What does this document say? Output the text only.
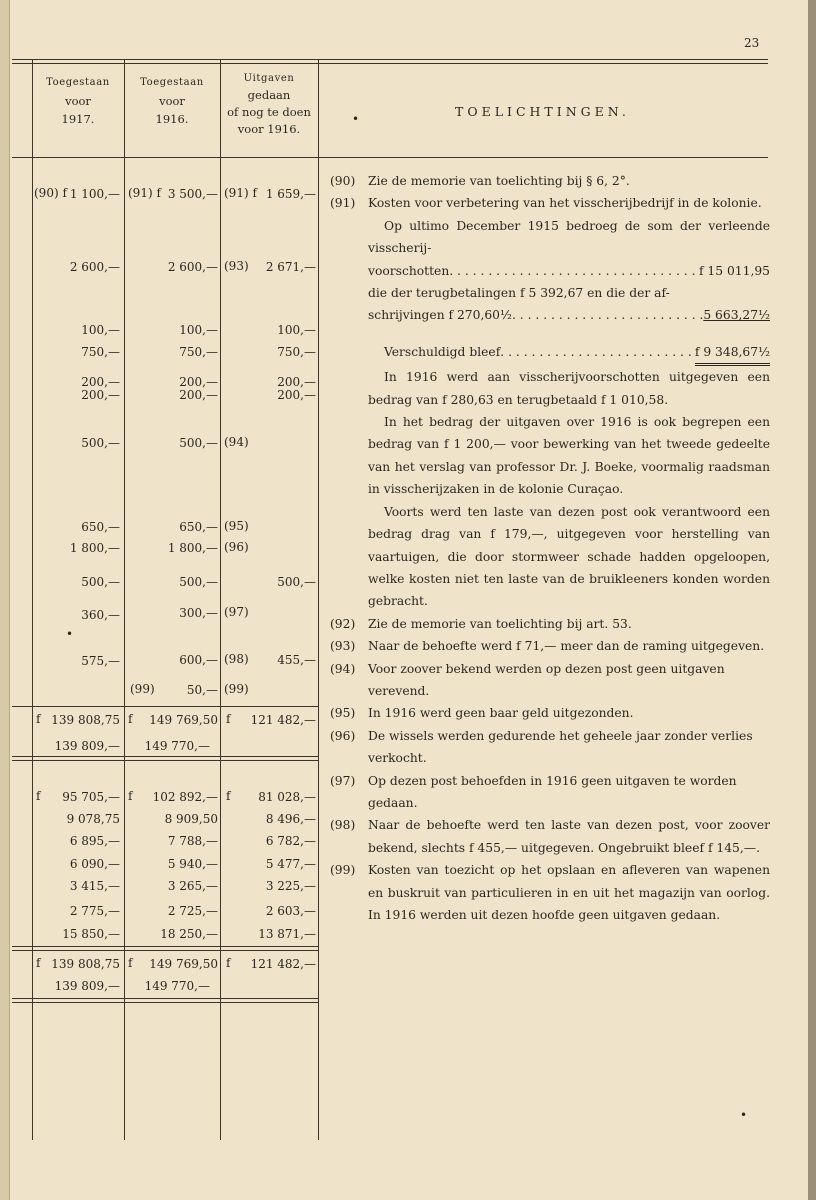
23
Toegestaan
voor
1917.
Toegestaan
voor
1916.
Uitgaven
gedaan
of nog te doen
voor 1916.
TOELICHTINGEN.
•
(90) f 1 100,— (91) f 3 500,— (91) f 1 659,—
2 600,—	2 600,— (93)	2 671,—
100,—	100,—	100,—
750,—	750,—	750,—
200,—	200,—	200,—
200,—	200,—	200,—
500,—	500,— (94)
650,—	650,— (95)
1 800,—	1 800,— (96)
500,—	500,—	500,—
360,—	300,— (97)
•
575,—	600,— (98)	455,—
(99)	50,— (99)
f 139 808,75 f	149 769,50 f	121 482,—
139 809,—	149 770,—
f	95 705,— f	102 892,— f	81 028,—
9 078,75	8 909,50	8 496,—
6 895,—	7 788,—	6 782,—
6 090,—	5 940,—	5 477,—
3 415,—	3 265,—	3 225,—
2 775,—	2 725,—	2 603,—
15 850,—	18 250,—	13 871,—
f 139 808,75 f	149 769,50 f	121 482,—
139 809,—	149 770,—
•
(90) Zie de memorie van toelichting bij § 6, 2°.
(91) Kosten voor verbetering van het visscherijbedrijf in de kolonie.
Op ultimo December 1915 bedroeg de som der verleende visscherij-
voorschotten . . .	f 15 011,95
die der terugbetalingen f 5 392,67 en die der af-
schrijvingen f 270,60½ . . .	5 663,27½
Verschuldigd bleef . . .	f 9 348,67½
In 1916 werd aan visscherijvoorschotten uitgegeven een bedrag van f 280,63 en terugbetaald f 1 010,58.
In het bedrag der uitgaven over 1916 is ook begrepen een bedrag van f 1 200,— voor bewerking van het tweede gedeelte van het verslag van professor Dr. J. Boeke, voormalig raadsman in visscherijzaken in de kolonie Curaçao.
Voorts werd ten laste van dezen post ook verantwoord een bedrag drag van f 179,—, uitgegeven voor herstelling van vaartuigen, die door stormweer schade hadden opgeloopen, welke kosten niet ten laste van de bruikleeners konden worden gebracht.
(92) Zie de memorie van toelichting bij art. 53.
(93) Naar de behoefte werd f 71,— meer dan de raming uitgegeven.
(94) Voor zoover bekend werden op dezen post geen uitgaven verevend.
(95) In 1916 werd geen baar geld uitgezonden.
(96) De wissels werden gedurende het geheele jaar zonder verlies verkocht.
(97) Op dezen post behoefden in 1916 geen uitgaven te worden gedaan.
(98) Naar de behoefte werd ten laste van dezen post, voor zoover bekend, slechts f 455,— uitgegeven. Ongebruikt bleef f 145,—.
(99) Kosten van toezicht op het opslaan en afleveren van wapenen en buskruit van particulieren in en uit het magazijn van oorlog. In 1916 werden uit dezen hoofde geen uitgaven gedaan.
